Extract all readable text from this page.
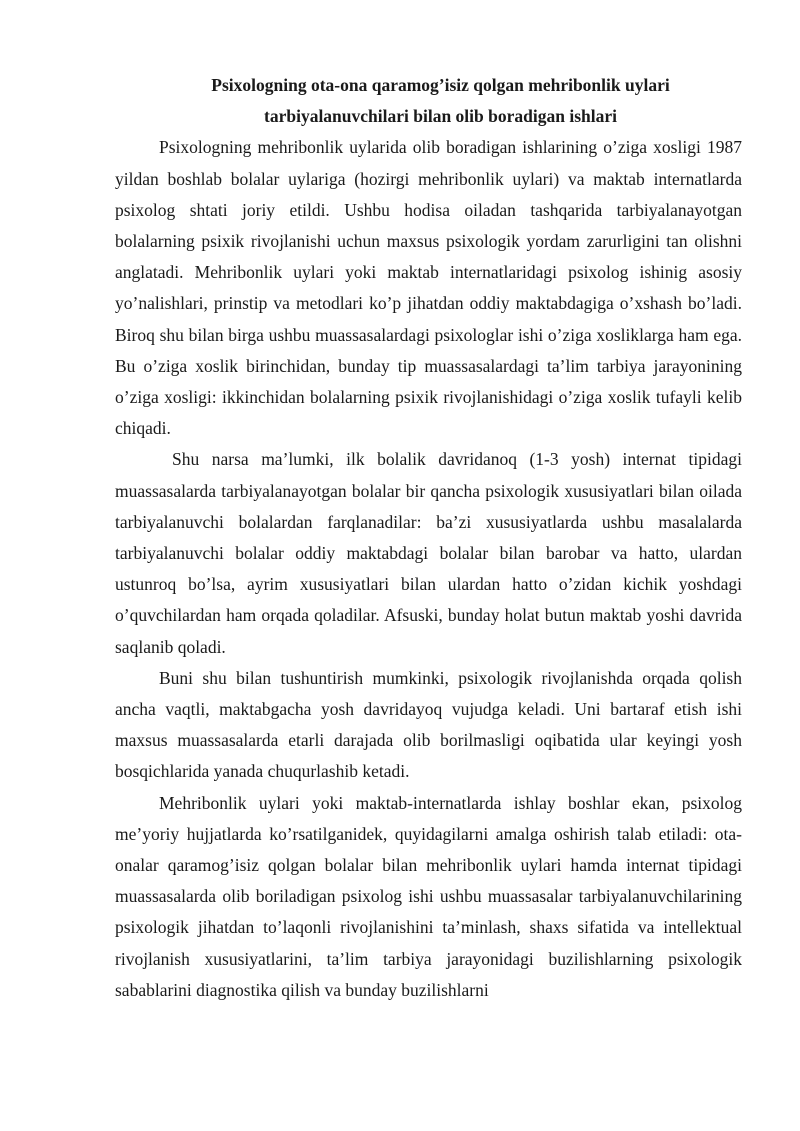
Psixologning ota-ona qaramog’isiz qolgan mehribonlik uylari

tarbiyalanuvchilari bilan olib boradigan ishlari

Psixologning mehribonlik uylarida olib boradigan ishlarining o’ziga xosligi 1987 yildan boshlab bolalar uylariga (hozirgi mehribonlik uylari) va maktab internatlarda psixolog shtati joriy etildi. Ushbu hodisa oiladan tashqarida tarbiyalanayotgan bolalarning psixik rivojlanishi uchun maxsus psixologik yordam zarurligini tan olishni anglatadi. Mehribonlik uylari yoki maktab internatlaridagi psixolog ishinig asosiy yo’nalishlari, prinstip va metodlari ko’p jihatdan oddiy maktabdagiga o’xshash bo’ladi. Biroq shu bilan birga ushbu muassasalardagi psixologlar ishi o’ziga xosliklarga ham ega. Bu o’ziga xoslik birinchidan, bunday tip muassasalardagi ta’lim tarbiya jarayonining o’ziga xosligi: ikkinchidan bolalarning psixik rivojlanishidagi o’ziga xoslik tufayli kelib chiqadi.

Shu narsa ma’lumki, ilk bolalik davridanoq (1-3 yosh) internat tipidagi muassasalarda tarbiyalanayotgan bolalar bir qancha psixologik xususiyatlari bilan oilada tarbiyalanuvchi bolalardan farqlanadilar: ba’zi xususiyatlarda ushbu masalalarda tarbiyalanuvchi bolalar oddiy maktabdagi bolalar bilan barobar va hatto, ulardan ustunroq bo’lsa, ayrim xususiyatlari bilan ulardan hatto o’zidan kichik yoshdagi o’quvchilardan ham orqada qoladilar. Afsuski, bunday holat butun maktab yoshi davrida saqlanib qoladi.

Buni shu bilan tushuntirish mumkinki, psixologik rivojlanishda orqada qolish ancha vaqtli, maktabgacha yosh davridayoq vujudga keladi. Uni bartaraf etish ishi maxsus muassasalarda etarli darajada olib borilmasligi oqibatida ular keyingi yosh bosqichlarida yanada chuqurlashib ketadi.

Mehribonlik uylari yoki maktab-internatlarda ishlay boshlar ekan, psixolog me’yoriy hujjatlarda ko’rsatilganidek, quyidagilarni amalga oshirish talab etiladi: ota-onalar qaramog’isiz qolgan bolalar bilan mehribonlik uylari hamda internat tipidagi muassasalarda olib boriladigan psixolog ishi ushbu muassasalar tarbiyalanuvchilarining psixologik jihatdan to’laqonli rivojlanishini ta’minlash, shaxs sifatida va intellektual rivojlanish xususiyatlarini, ta’lim tarbiya jarayonidagi buzilishlarning psixologik sabablarini diagnostika qilish va bunday buzilishlarni
